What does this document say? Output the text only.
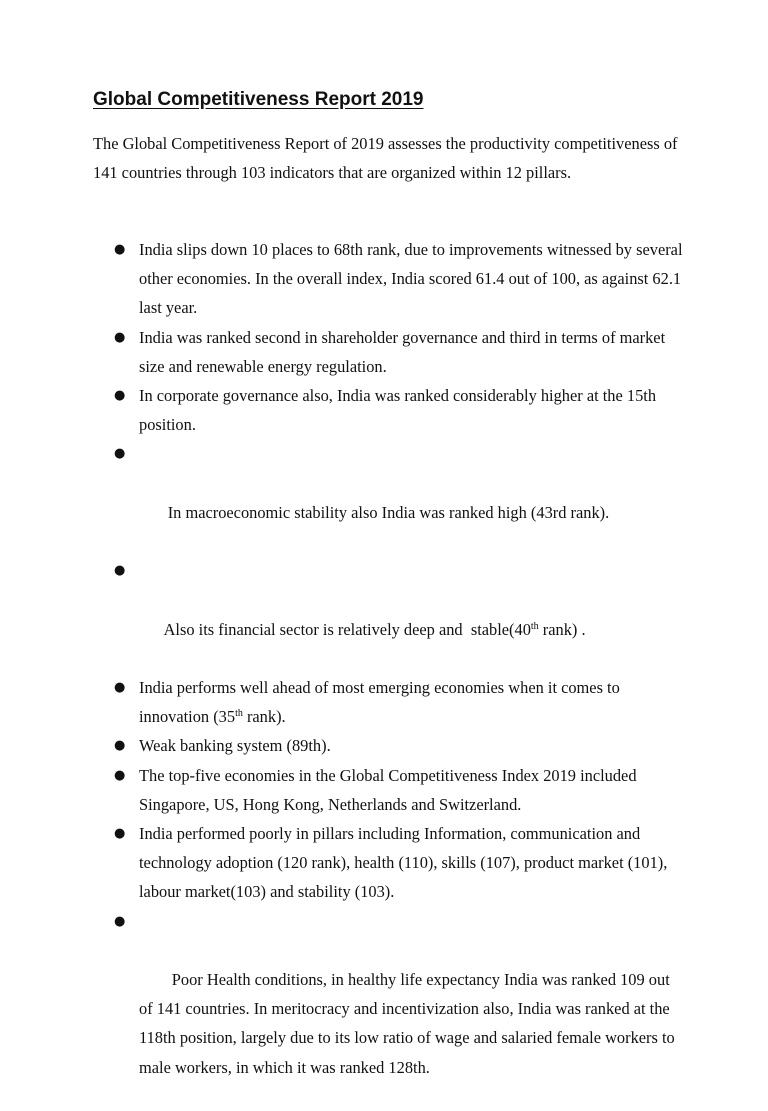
Global Competitiveness Report 2019

The Global Competitiveness Report of 2019 assesses the productivity competitiveness of 141 countries through 103 indicators that are organized within 12 pillars.

● India slips down 10 places to 68th rank, due to improvements witnessed by several other economies. In the overall index, India scored 61.4 out of 100, as against 62.1 last year.
● India was ranked second in shareholder governance and third in terms of market size and renewable energy regulation.
● In corporate governance also, India was ranked considerably higher at the 15th position.

●

In macroeconomic stability also India was ranked high (43rd rank).

●

Also its financial sector is relatively deep and  stable(40th rank) .

● India performs well ahead of most emerging economies when it comes to innovation (35th rank).
● Weak banking system (89th).
● The top-five economies in the Global Competitiveness Index 2019 included Singapore, US, Hong Kong, Netherlands and Switzerland.
● India performed poorly in pillars including Information, communication and technology adoption (120 rank), health (110), skills (107), product market (101), labour market(103) and stability (103).

●

Poor Health conditions, in healthy life expectancy India was ranked 109 out of 141 countries. In meritocracy and incentivization also, India was ranked at the 118th position, largely due to its low ratio of wage and salaried female workers to male workers, in which it was ranked 128th.
